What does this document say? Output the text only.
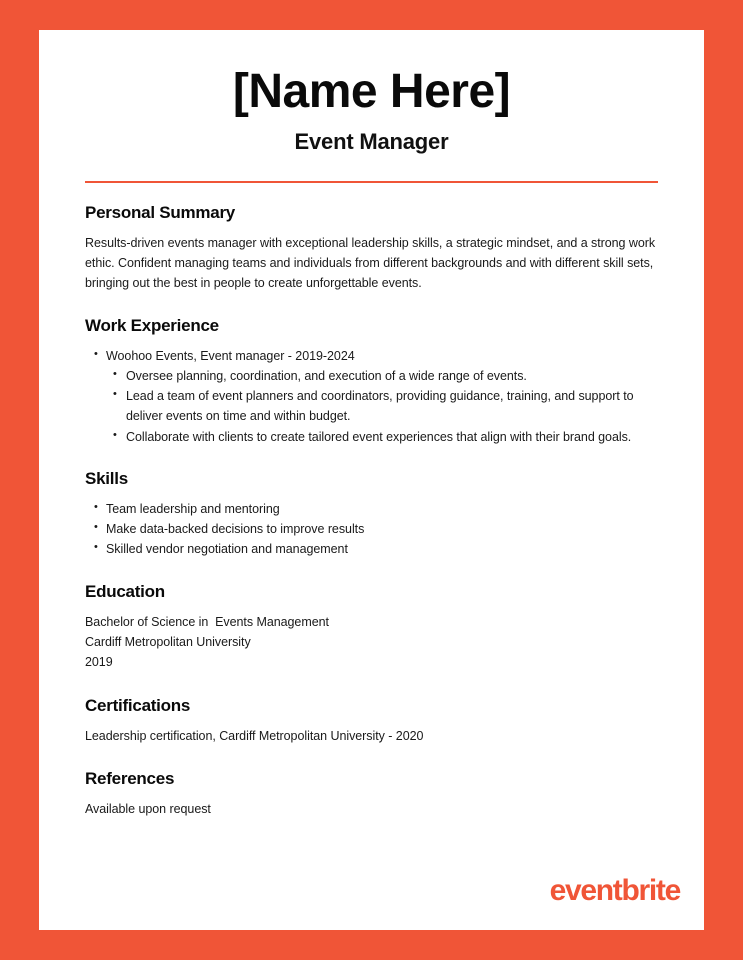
[Name Here]
Event Manager
Personal Summary

Results-driven events manager with exceptional leadership skills, a strategic mindset, and a strong work ethic. Confident managing teams and individuals from different backgrounds and with different skill sets, bringing out the best in people to create unforgettable events.

Work Experience
• Woohoo Events, Event manager - 2019-2024
• Oversee planning, coordination, and execution of a wide range of events.
• Lead a team of event planners and coordinators, providing guidance, training, and support to deliver events on time and within budget.
• Collaborate with clients to create tailored event experiences that align with their brand goals.
Skills
• Team leadership and mentoring
• Make data-backed decisions to improve results
• Skilled vendor negotiation and management
Education
Bachelor of Science in  Events Management
Cardiff Metropolitan University
2019
Certifications

Leadership certification, Cardiff Metropolitan University - 2020

References

Available upon request

eventbrite
